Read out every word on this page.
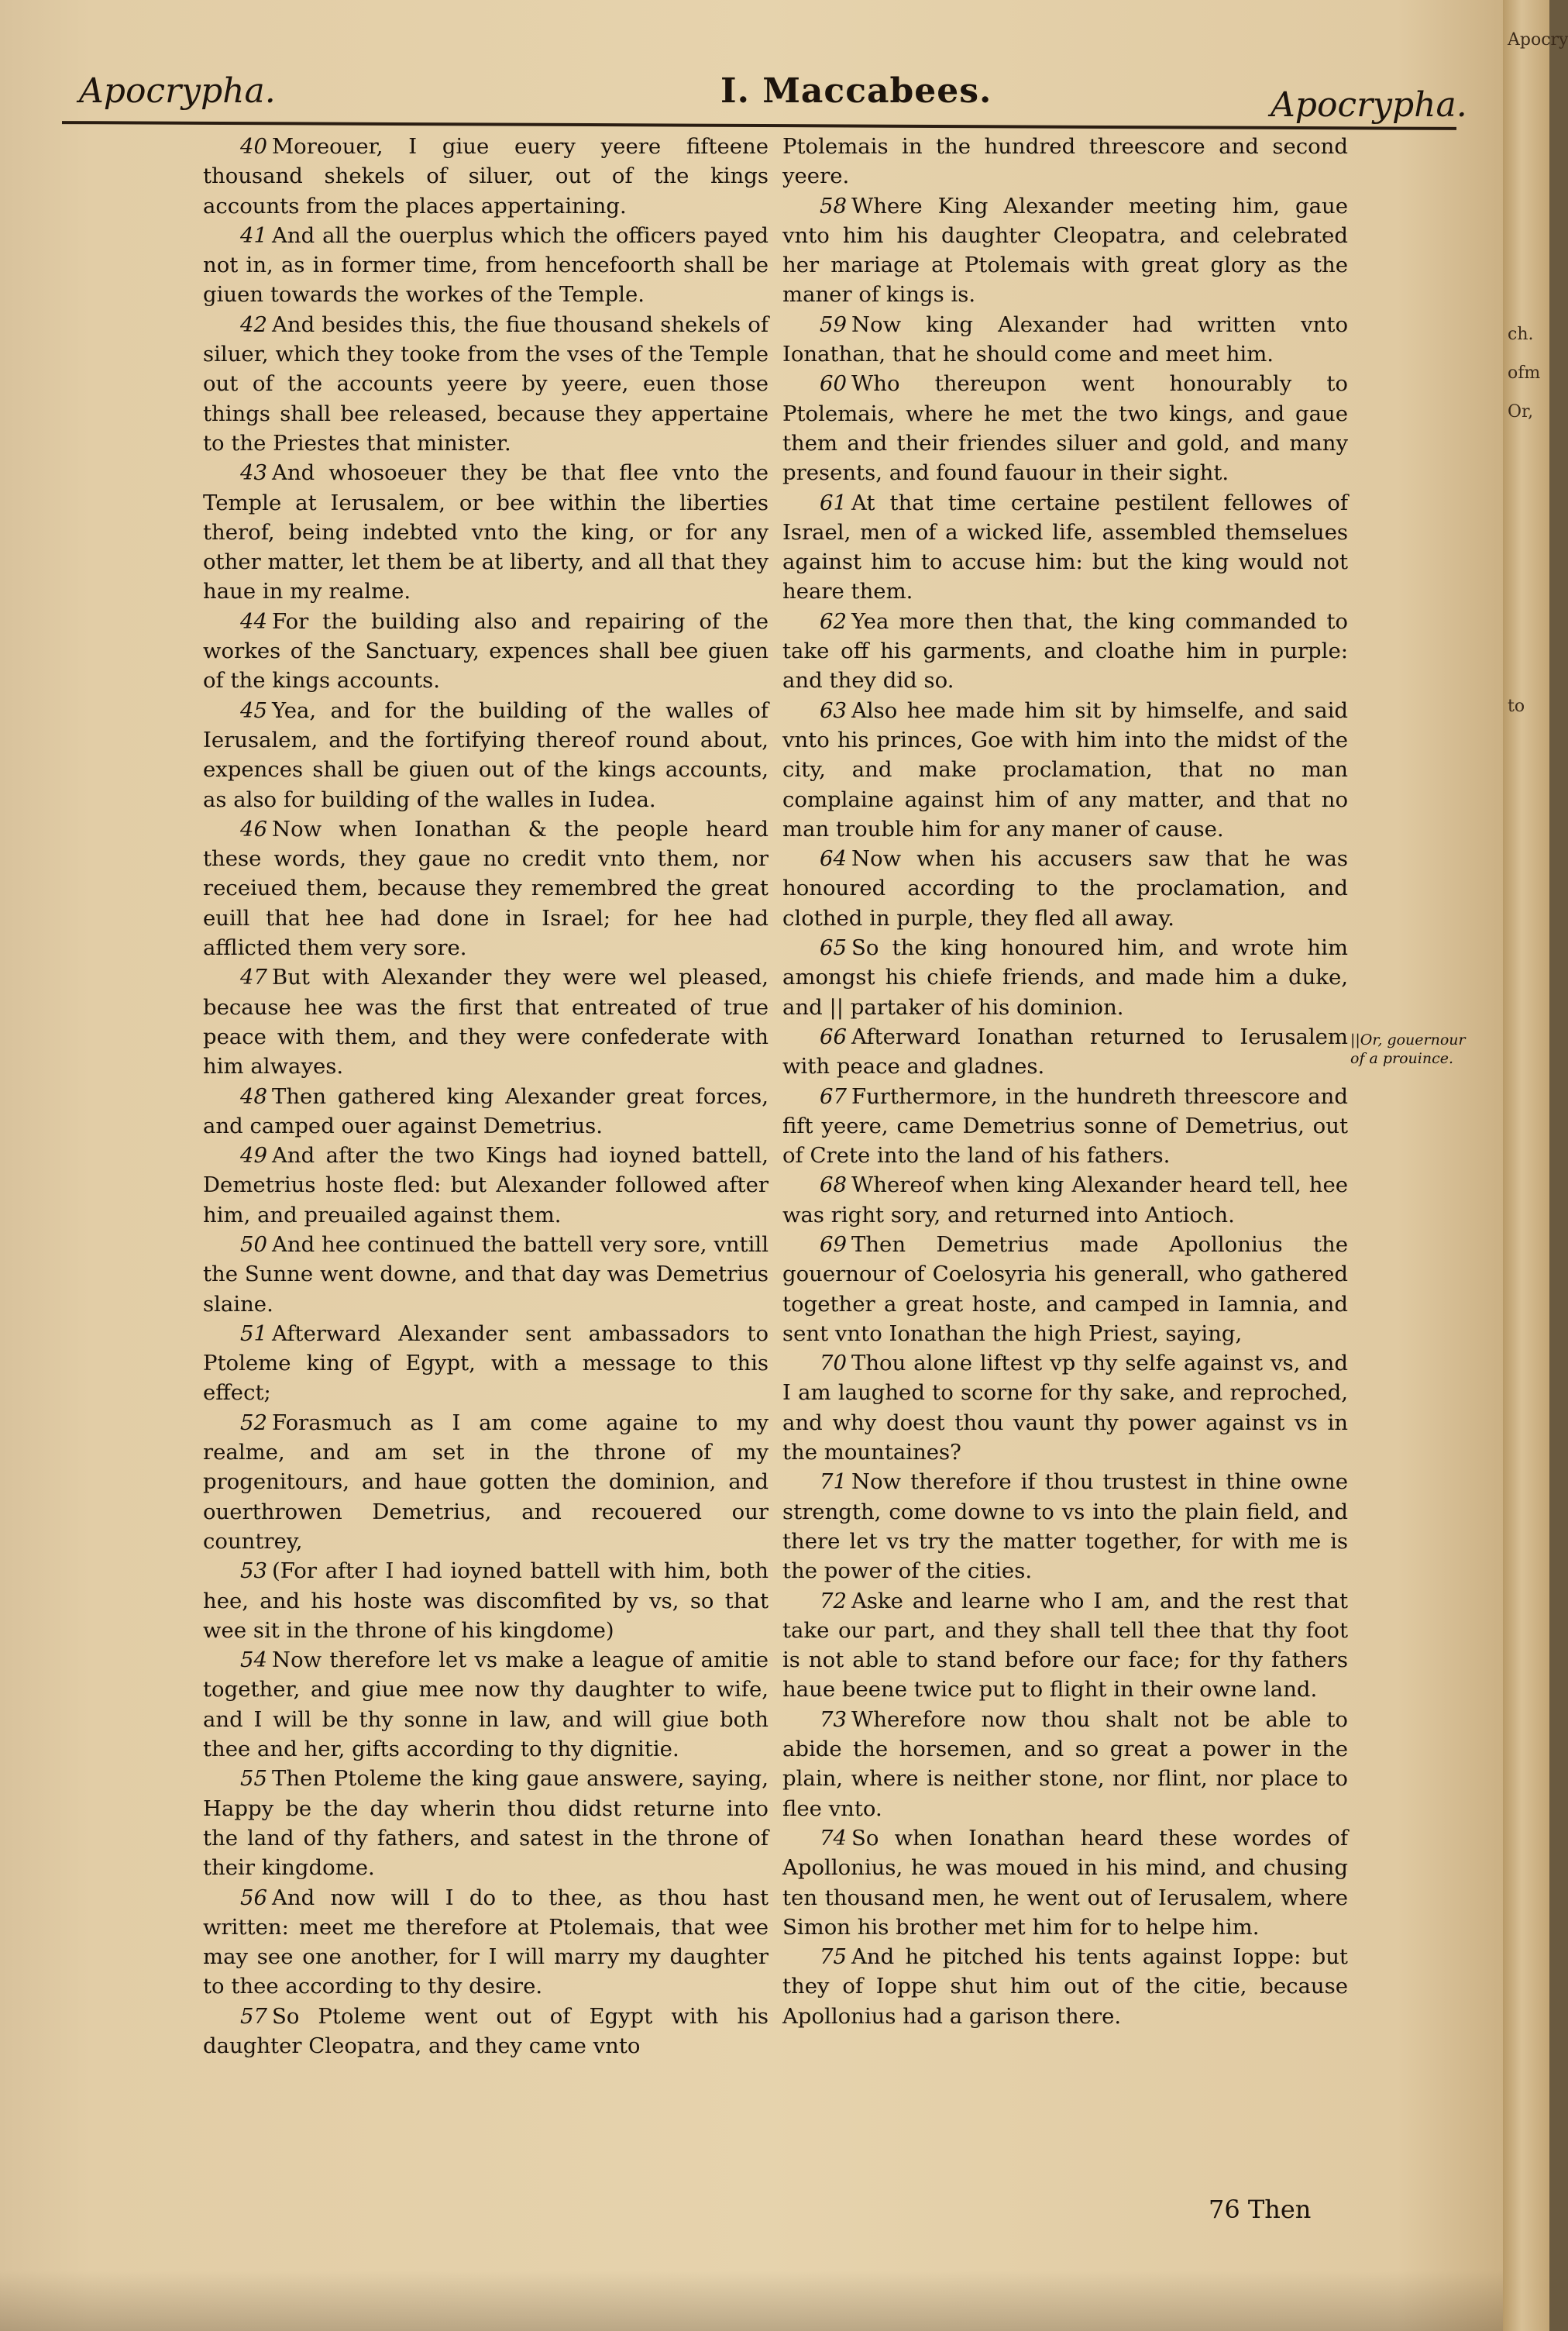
Apocrypha.	I. Maccabees.	Apocrypha.

40 Moreouer, I giue euery yeere fifteene thousand shekels of siluer, out of the kings accounts from the places appertaining.

41 And all the ouerplus which the officers payed not in, as in former time, from hencefoorth shall be giuen towards the workes of the Temple.

42 And besides this, the fiue thousand shekels of siluer, which they tooke from the vses of the Temple out of the accounts yeere by yeere, euen those things shall bee released, because they appertaine to the Priestes that minister.

43 And whosoeuer they be that flee vnto the Temple at Ierusalem, or bee within the liberties therof, being indebted vnto the king, or for any other matter, let them be at liberty, and all that they haue in my realme.

44 For the building also and repairing of the workes of the Sanctuary, expences shall bee giuen of the kings accounts.

45 Yea, and for the building of the walles of Ierusalem, and the fortifying thereof round about, expences shall be giuen out of the kings accounts, as also for building of the walles in Iudea.

46 Now when Ionathan & the people heard these words, they gaue no credit vnto them, nor receiued them, because they remembred the great euill that hee had done in Israel; for hee had afflicted them very sore.

47 But with Alexander they were wel pleased, because hee was the first that entreated of true peace with them, and they were confederate with him alwayes.

48 Then gathered king Alexander great forces, and camped ouer against Demetrius.

49 And after the two Kings had ioyned battell, Demetrius hoste fled: but Alexander followed after him, and preuailed against them.

50 And hee continued the battell very sore, vntill the Sunne went downe, and that day was Demetrius slaine.

51 Afterward Alexander sent ambassadors to Ptoleme king of Egypt, with a message to this effect;

52 Forasmuch as I am come againe to my realme, and am set in the throne of my progenitours, and haue gotten the dominion, and ouerthrowen Demetrius, and recouered our countrey,

53 (For after I had ioyned battell with him, both hee, and his hoste was discomfited by vs, so that wee sit in the throne of his kingdome)

54 Now therefore let vs make a league of amitie together, and giue mee now thy daughter to wife, and I will be thy sonne in law, and will giue both thee and her, gifts according to thy dignitie.

55 Then Ptoleme the king gaue answere, saying, Happy be the day wherin thou didst returne into the land of thy fathers, and satest in the throne of their kingdome.

56 And now will I do to thee, as thou hast written: meet me therefore at Ptolemais, that wee may see one another, for I will marry my daughter to thee according to thy desire.

57 So Ptoleme went out of Egypt with his daughter Cleopatra, and they came vnto

Ptolemais in the hundred threescore and second yeere.

58 Where King Alexander meeting him, gaue vnto him his daughter Cleopatra, and celebrated her mariage at Ptolemais with great glory as the maner of kings is.

59 Now king Alexander had written vnto Ionathan, that he should come and meet him.

60 Who thereupon went honourably to Ptolemais, where he met the two kings, and gaue them and their friendes siluer and gold, and many presents, and found fauour in their sight.

61 At that time certaine pestilent fellowes of Israel, men of a wicked life, assembled themselues against him to accuse him: but the king would not heare them.

62 Yea more then that, the king commanded to take off his garments, and cloathe him in purple: and they did so.

63 Also hee made him sit by himselfe, and said vnto his princes, Goe with him into the midst of the city, and make proclamation, that no man complaine against him of any matter, and that no man trouble him for any maner of cause.

64 Now when his accusers saw that he was honoured according to the proclamation, and clothed in purple, they fled all away.

65 So the king honoured him, and wrote him amongst his chiefe friends, and made him a duke, and || partaker of his dominion.

66 Afterward Ionathan returned to Ierusalem with peace and gladnes.

67 Furthermore, in the hundreth threescore and fift yeere, came Demetrius sonne of Demetrius, out of Crete into the land of his fathers.

68 Whereof when king Alexander heard tell, hee was right sory, and returned into Antioch.

69 Then Demetrius made Apollonius the gouernour of Coelosyria his generall, who gathered together a great hoste, and camped in Iamnia, and sent vnto Ionathan the high Priest, saying,

70 Thou alone liftest vp thy selfe against vs, and I am laughed to scorne for thy sake, and reproched, and why doest thou vaunt thy power against vs in the mountaines?

71 Now therefore if thou trustest in thine owne strength, come downe to vs into the plain field, and there let vs try the matter together, for with me is the power of the cities.

72 Aske and learne who I am, and the rest that take our part, and they shall tell thee that thy foot is not able to stand before our face; for thy fathers haue beene twice put to flight in their owne land.

73 Wherefore now thou shalt not be able to abide the horsemen, and so great a power in the plain, where is neither stone, nor flint, nor place to flee vnto.

74 So when Ionathan heard these wordes of Apollonius, he was moued in his mind, and chusing ten thousand men, he went out of Ierusalem, where Simon his brother met him for to helpe him.

75 And he pitched his tents against Ioppe: but they of Ioppe shut him out of the citie, because Apollonius had a garison there.

||Or, gouernour of a prouince.
76 Then
Apocry
ch.
ofm
Or,
to
